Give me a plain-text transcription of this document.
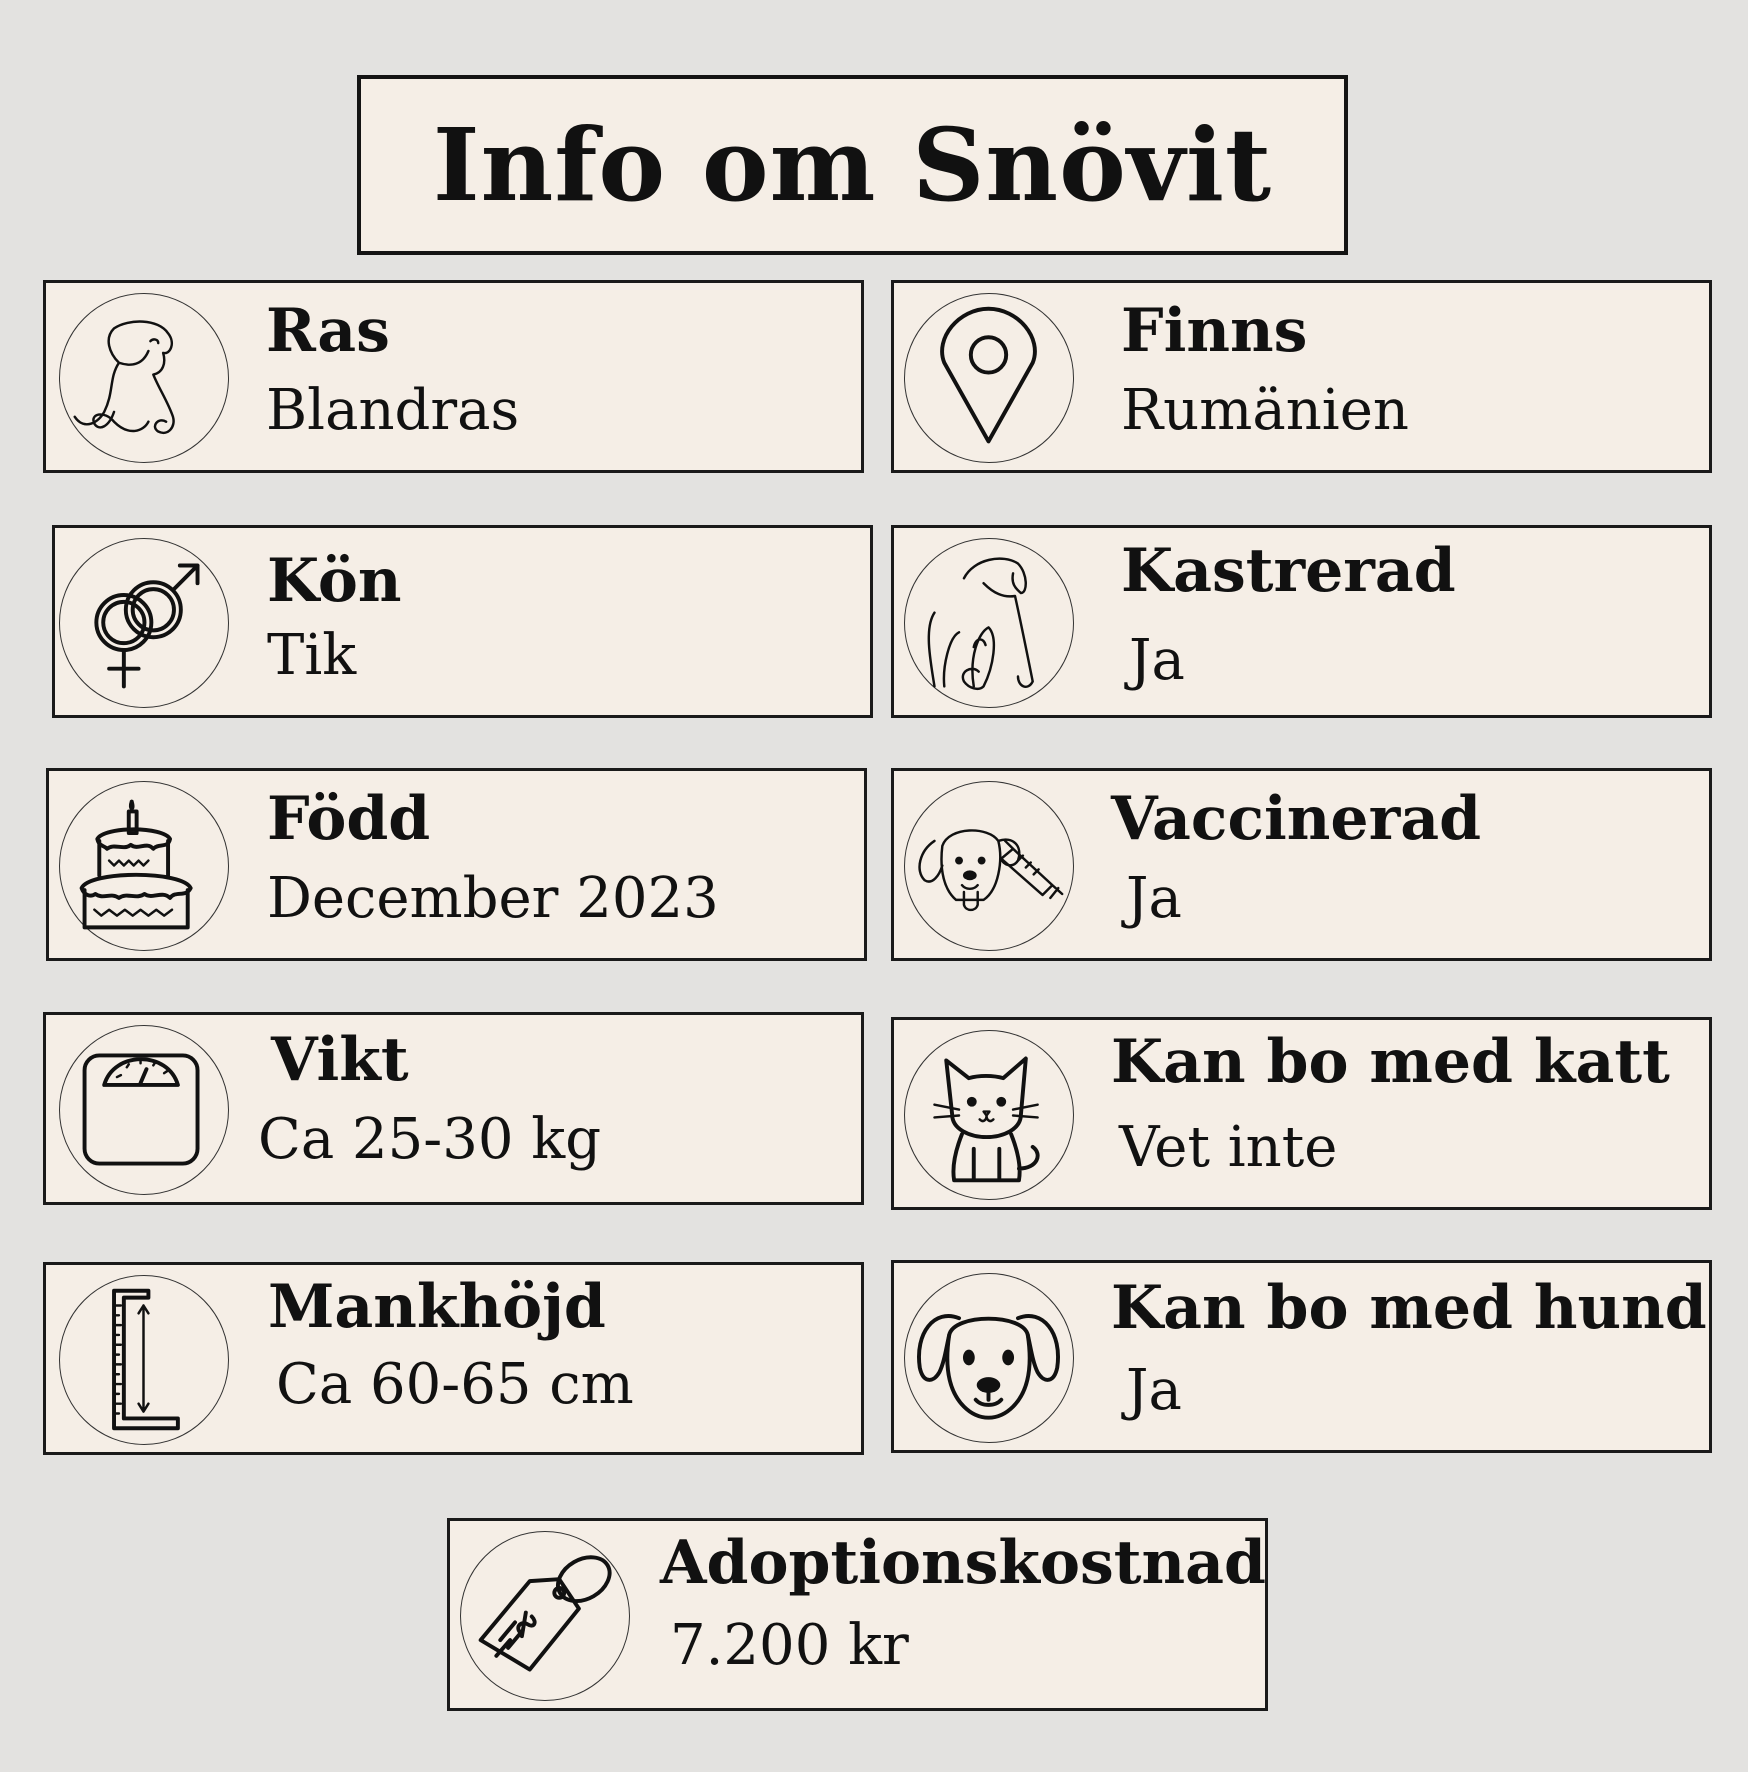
Info om Snövit
Ras
Blandras
Finns
Rumänien
Kön
Tik
Kastrerad
Ja
Född
December 2023
Vaccinerad
Ja
Vikt
Ca 25-30 kg
Kan bo med katt
Vet inte
Mankhöjd
Ca 60-65 cm
Kan bo med hund
Ja
Adoptionskostnad
7.200 kr
